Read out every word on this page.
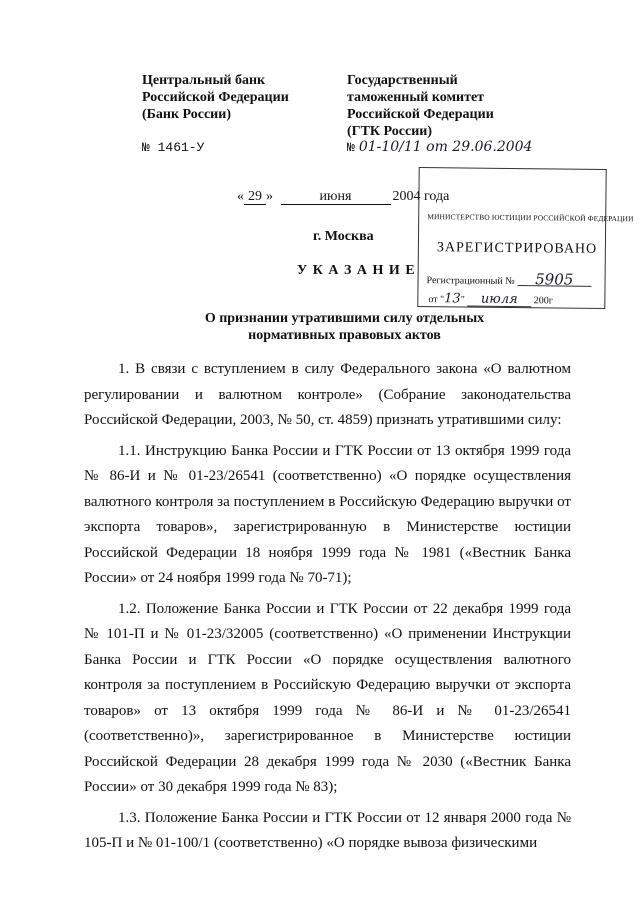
Центральный банк
Российской Федерации
(Банк России)
№ 1461-У
Государственный
таможенный комитет
Российской Федерации
(ГТК России)
№ 01-10/11 от 29.06.2004
« 29 »	июня	2004 года
МИНИСТЕРСТВО ЮСТИЦИИ РОССИЙСКОЙ ФЕДЕРАЦИИ
ЗАРЕГИСТРИРОВАНО
Регистрационный № 5905
от "13" июля 200г
г. Москва
У К А З А Н И Е
О признании утратившими силу отдельных
нормативных правовых актов

1. В связи с вступлением в силу Федерального закона «О валютном регулировании и валютном контроле» (Собрание законодательства Российской Федерации, 2003, № 50, ст. 4859) признать утратившими силу:

1.1. Инструкцию Банка России и ГТК России от 13 октября 1999 года № 86-И и № 01-23/26541 (соответственно) «О порядке осуществления валютного контроля за поступлением в Российскую Федерацию выручки от экспорта товаров», зарегистрированную в Министерстве юстиции Российской Федерации 18 ноября 1999 года № 1981 («Вестник Банка России» от 24 ноября 1999 года № 70-71);

1.2. Положение Банка России и ГТК России от 22 декабря 1999 года № 101-П и № 01-23/32005 (соответственно) «О применении Инструкции Банка России и ГТК России «О порядке осуществления валютного контроля за поступлением в Российскую Федерацию выручки от экспорта товаров» от 13 октября 1999 года № 86-И и № 01-23/26541 (соответственно)», зарегистрированное в Министерстве юстиции Российской Федерации 28 декабря 1999 года № 2030 («Вестник Банка России» от 30 декабря 1999 года № 83);

1.3. Положение Банка России и ГТК России от 12 января 2000 года № 105-П и № 01-100/1 (соответственно) «О порядке вывоза физическими
